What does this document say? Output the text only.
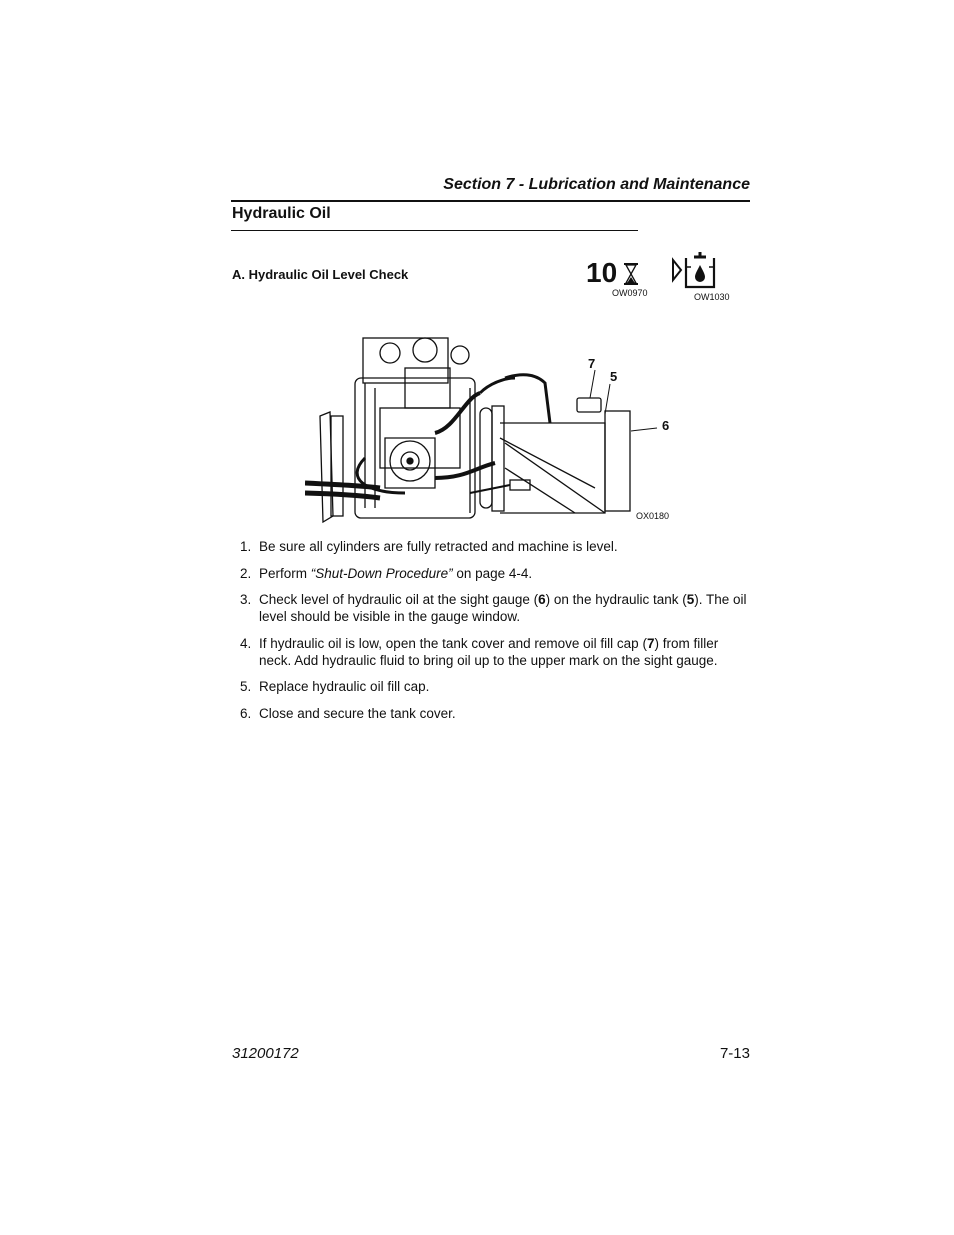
Section 7 - Lubrication and Maintenance
Hydraulic Oil
A. Hydraulic Oil Level Check	10
OW0970	OW1030
7
5
6
OX0180
1. Be sure all cylinders are fully retracted and machine is level.
2. Perform “Shut-Down Procedure” on page 4-4.
3. Check level of hydraulic oil at the sight gauge (6) on the hydraulic tank (5). The oil level should be visible in the gauge window.
4. If hydraulic oil is low, open the tank cover and remove oil fill cap (7) from filler neck. Add hydraulic fluid to bring oil up to the upper mark on the sight gauge.
5. Replace hydraulic oil fill cap.
6. Close and secure the tank cover.
31200172	7-13
